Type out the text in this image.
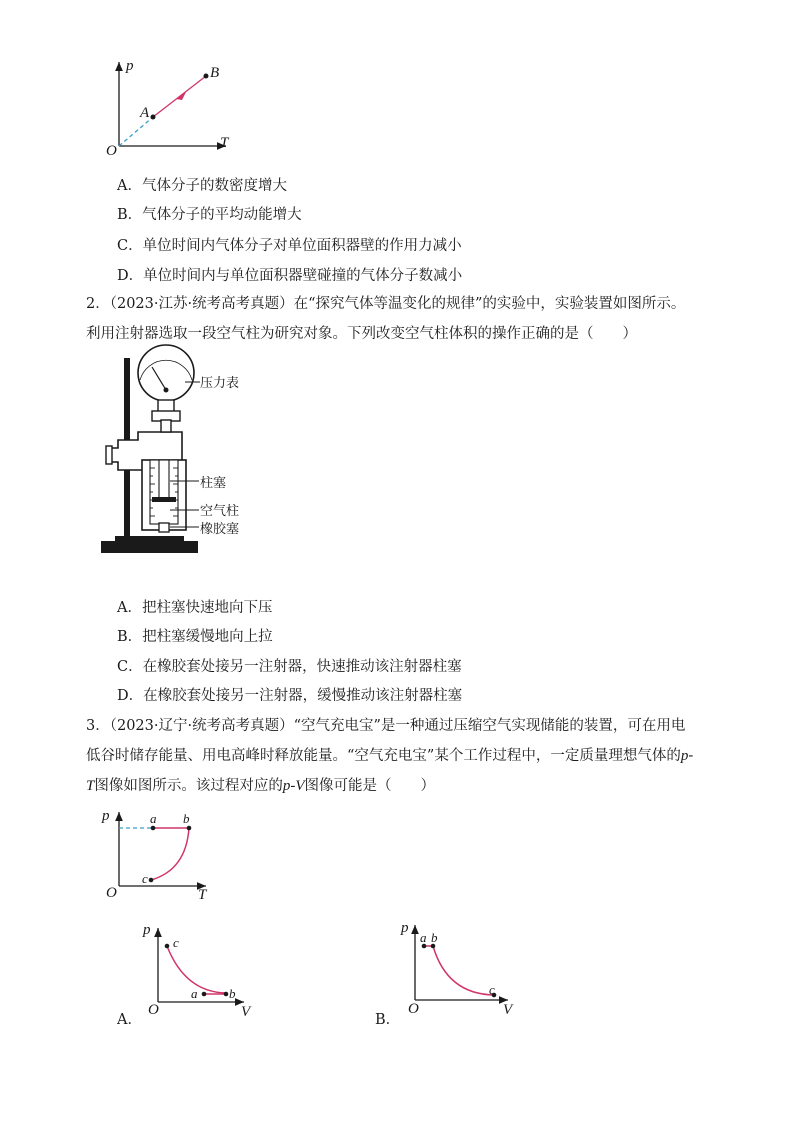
p
T
O
A
B
A．气体分子的数密度增大
B．气体分子的平均动能增大
C．单位时间内气体分子对单位面积器壁的作用力减小
D．单位时间内与单位面积器壁碰撞的气体分子数减小
2．（2023·江苏·统考高考真题）在“探究气体等温变化的规律”的实验中，实验装置如图所示。
利用注射器选取一段空气柱为研究对象。下列改变空气柱体积的操作正确的是（　　）
压力表
柱塞
空气柱
橡胶塞
A．把柱塞快速地向下压
B．把柱塞缓慢地向上拉
C．在橡胶套处接另一注射器，快速推动该注射器柱塞
D．在橡胶套处接另一注射器，缓慢推动该注射器柱塞
3．（2023·辽宁·统考高考真题）“空气充电宝”是一种通过压缩空气实现储能的装置，可在用电
低谷时储存能量、用电高峰时释放能量。“空气充电宝”某个工作过程中，一定质量理想气体的p-
T图像如图所示。该过程对应的p-V图像可能是（　　）
p
T
O
a b
c
p
V
O
c
a b
A．
p
V
O
a b
c
B．
